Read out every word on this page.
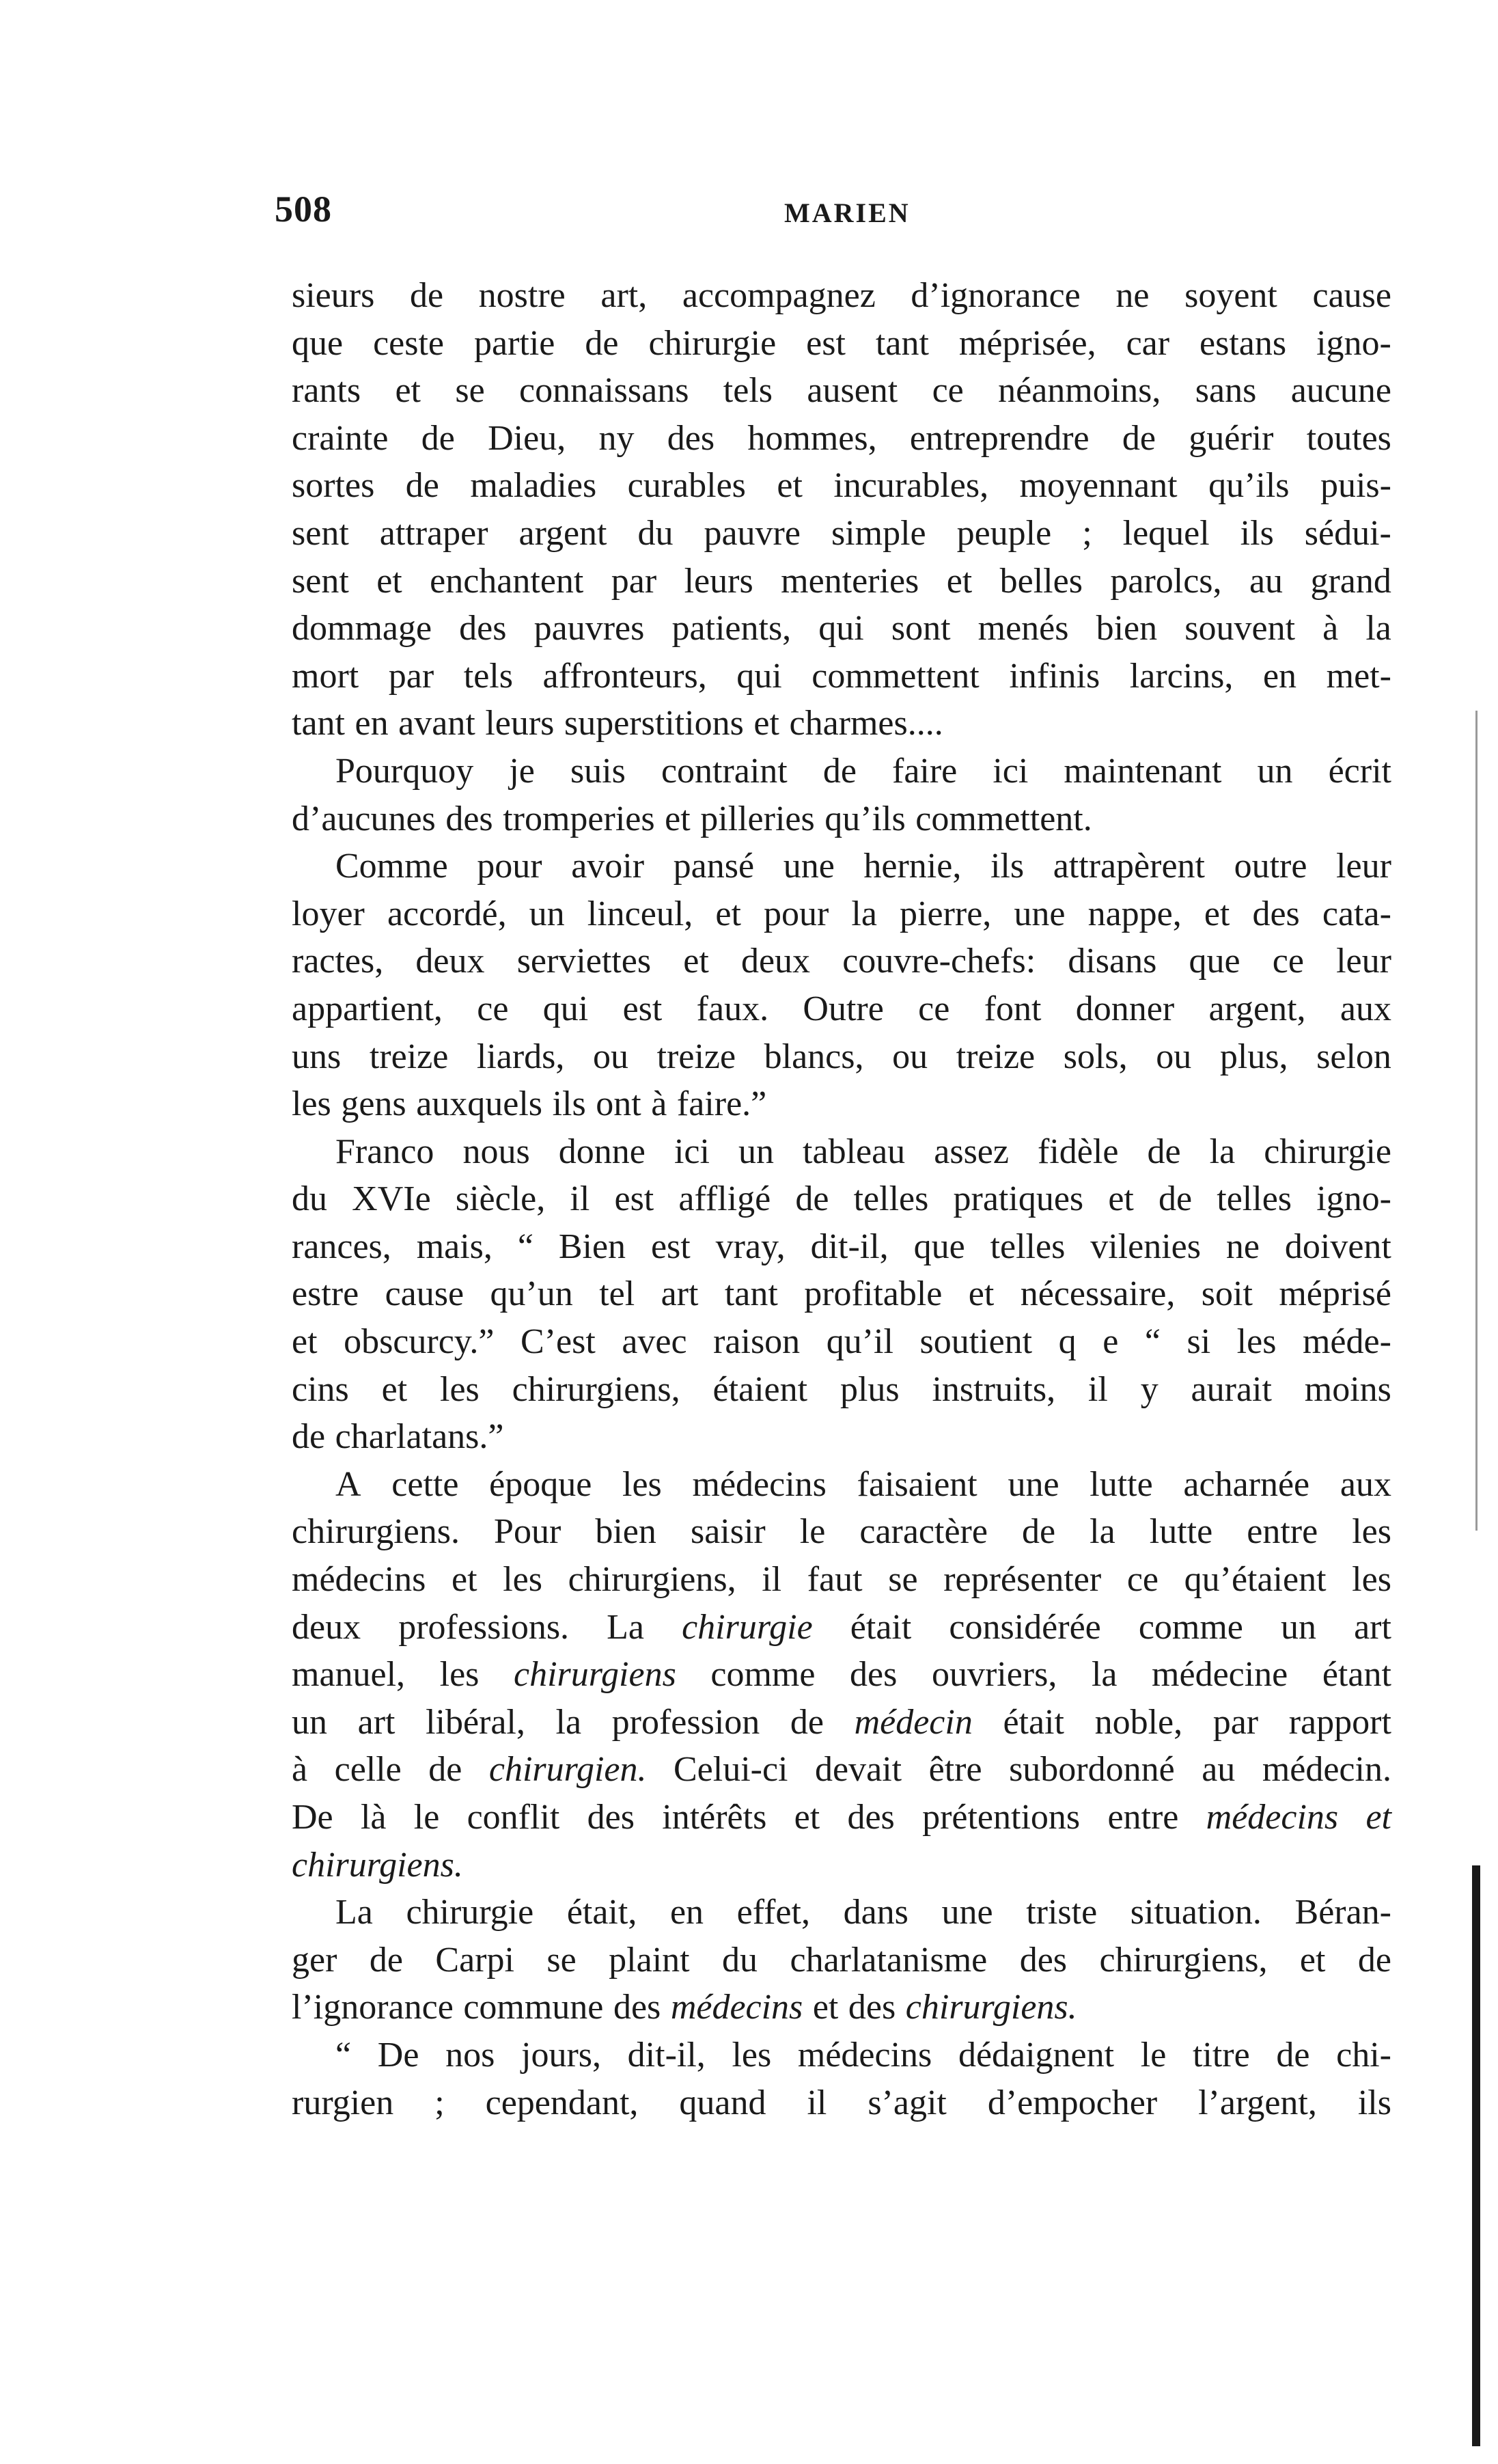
508	MARIEN
sieurs de nostre art, accompagnez d’ignorance ne soyent cause
que ceste partie de chirurgie est tant méprisée, car estans igno-
rants et se connaissans tels ausent ce néanmoins, sans aucune
crainte de Dieu, ny des hommes, entreprendre de guérir toutes
sortes de maladies curables et incurables, moyennant qu’ils puis-
sent attraper argent du pauvre simple peuple ; lequel ils sédui-
sent et enchantent par leurs menteries et belles parolcs, au grand
dommage des pauvres patients, qui sont menés bien souvent à la
mort par tels affronteurs, qui commettent infinis larcins, en met-
tant en avant leurs superstitions et charmes....
Pourquoy je suis contraint de faire ici maintenant un écrit
d’aucunes des tromperies et pilleries qu’ils commettent.
Comme pour avoir pansé une hernie, ils attrapèrent outre leur
loyer accordé, un linceul, et pour la pierre, une nappe, et des cata-
ractes, deux serviettes et deux couvre-chefs: disans que ce leur
appartient, ce qui est faux. Outre ce font donner argent, aux
uns treize liards, ou treize blancs, ou treize sols, ou plus, selon
les gens auxquels ils ont à faire.”
Franco nous donne ici un tableau assez fidèle de la chirurgie
du XVIe siècle, il est affligé de telles pratiques et de telles igno-
rances, mais, “ Bien est vray, dit-il, que telles vilenies ne doivent
estre cause qu’un tel art tant profitable et nécessaire, soit méprisé
et obscurcy.” C’est avec raison qu’il soutient q e “ si les méde-
cins et les chirurgiens, étaient plus instruits, il y aurait moins
de charlatans.”
A cette époque les médecins faisaient une lutte acharnée aux
chirurgiens. Pour bien saisir le caractère de la lutte entre les
médecins et les chirurgiens, il faut se représenter ce qu’étaient les
deux professions. La chirurgie était considérée comme un art
manuel, les chirurgiens comme des ouvriers, la médecine étant
un art libéral, la profession de médecin était noble, par rapport
à celle de chirurgien. Celui-ci devait être subordonné au médecin.
De là le conflit des intérêts et des prétentions entre médecins et
chirurgiens.
La chirurgie était, en effet, dans une triste situation. Béran-
ger de Carpi se plaint du charlatanisme des chirurgiens, et de
l’ignorance commune des médecins et des chirurgiens.
“ De nos jours, dit-il, les médecins dédaignent le titre de chi-
rurgien ; cependant, quand il s’agit d’empocher l’argent, ils
